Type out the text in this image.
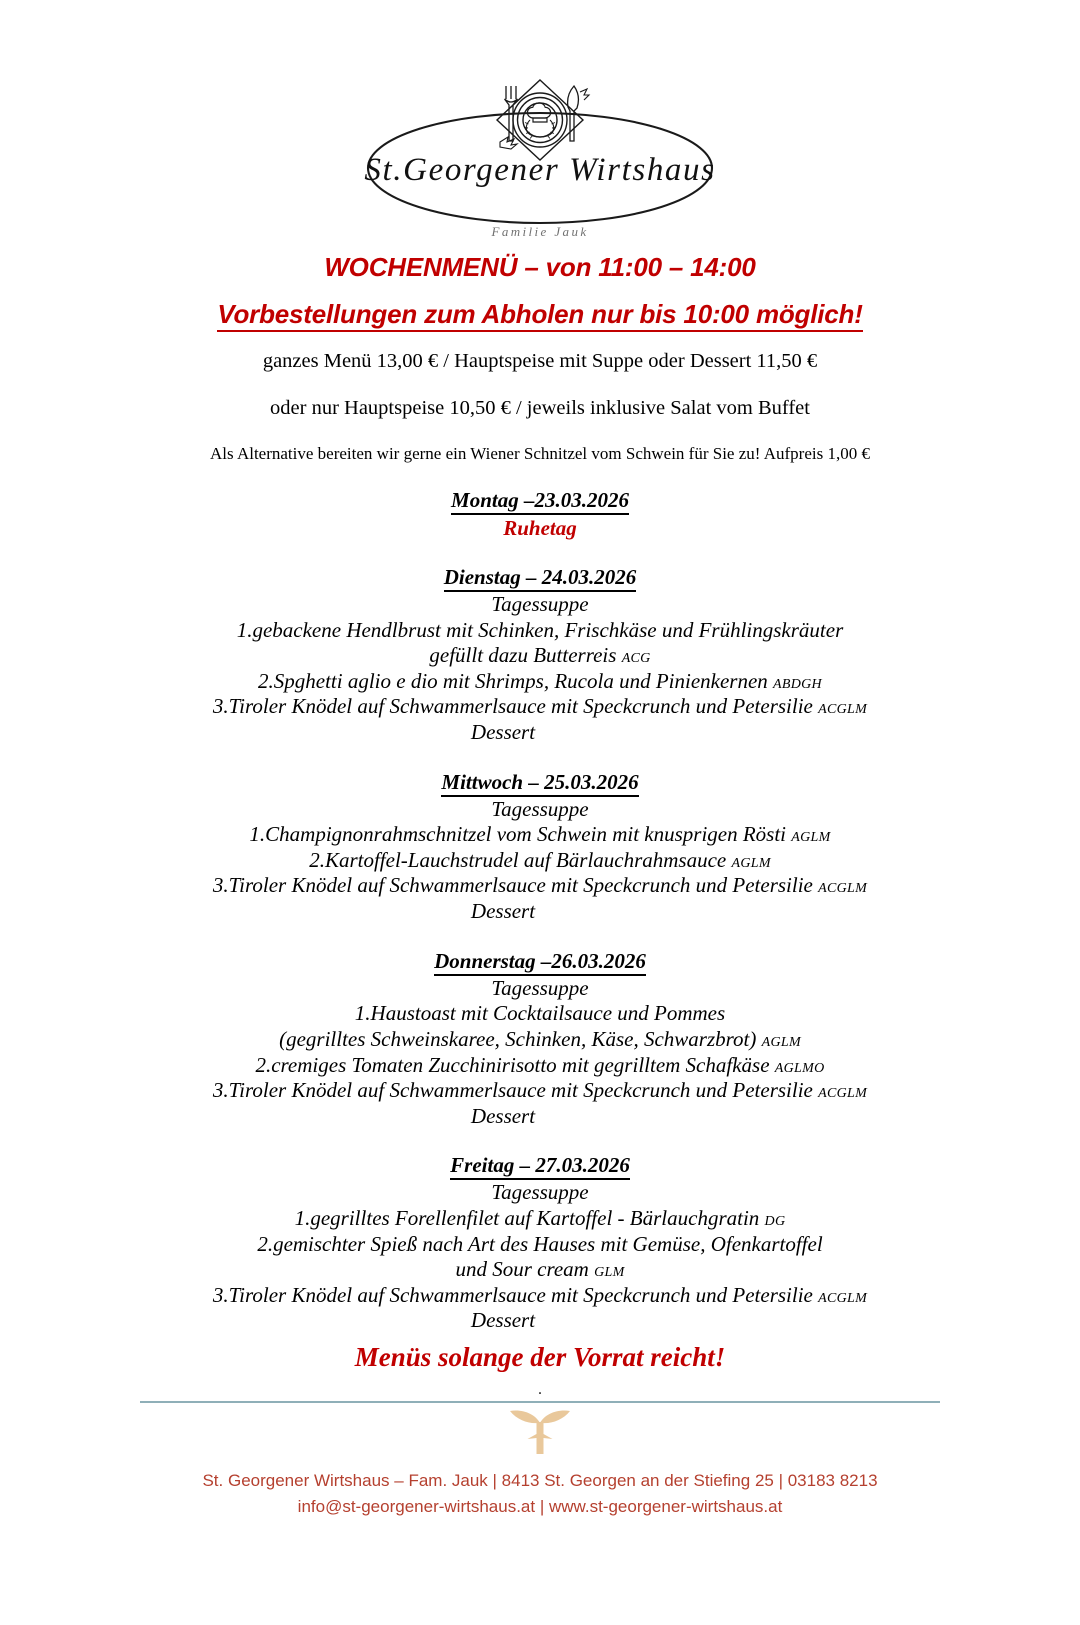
St.Georgener Wirtshaus
Familie Jauk
WOCHENMENÜ – von 11:00 – 14:00
Vorbestellungen zum Abholen nur bis 10:00 möglich!
ganzes Menü 13,00 € / Hauptspeise mit Suppe oder Dessert 11,50 €
oder nur Hauptspeise 10,50 € / jeweils inklusive Salat vom Buffet
Als Alternative bereiten wir gerne ein Wiener Schnitzel vom Schwein für Sie zu! Aufpreis 1,00 €
Montag –23.03.2026
Ruhetag
Dienstag – 24.03.2026
Tagessuppe
1.gebackene Hendlbrust mit Schinken, Frischkäse und Frühlingskräuter
gefüllt dazu Butterreis ACG
2.Spghetti aglio e dio mit Shrimps, Rucola und Pinienkernen ABDGH
3.Tiroler Knödel auf Schwammerlsauce mit Speckcrunch und Petersilie ACGLM
Dessert
Mittwoch – 25.03.2026
Tagessuppe
1.Champignonrahmschnitzel vom Schwein mit knusprigen Rösti AGLM
2.Kartoffel-Lauchstrudel auf Bärlauchrahmsauce AGLM
3.Tiroler Knödel auf Schwammerlsauce mit Speckcrunch und Petersilie ACGLM
Dessert
Donnerstag –26.03.2026
Tagessuppe
1.Haustoast mit Cocktailsauce und Pommes
(gegrilltes Schweinskaree, Schinken, Käse, Schwarzbrot) AGLM
2.cremiges Tomaten Zucchinirisotto mit gegrilltem Schafkäse AGLMO
3.Tiroler Knödel auf Schwammerlsauce mit Speckcrunch und Petersilie ACGLM
Dessert
Freitag – 27.03.2026
Tagessuppe
1.gegrilltes Forellenfilet auf Kartoffel - Bärlauchgratin DG
2.gemischter Spieß nach Art des Hauses mit Gemüse, Ofenkartoffel
und Sour cream GLM
3.Tiroler Knödel auf Schwammerlsauce mit Speckcrunch und Petersilie ACGLM
Dessert
Menüs solange der Vorrat reicht!
.
St. Georgener Wirtshaus – Fam. Jauk | 8413 St. Georgen an der Stiefing 25 | 03183 8213
info@st-georgener-wirtshaus.at | www.st-georgener-wirtshaus.at
